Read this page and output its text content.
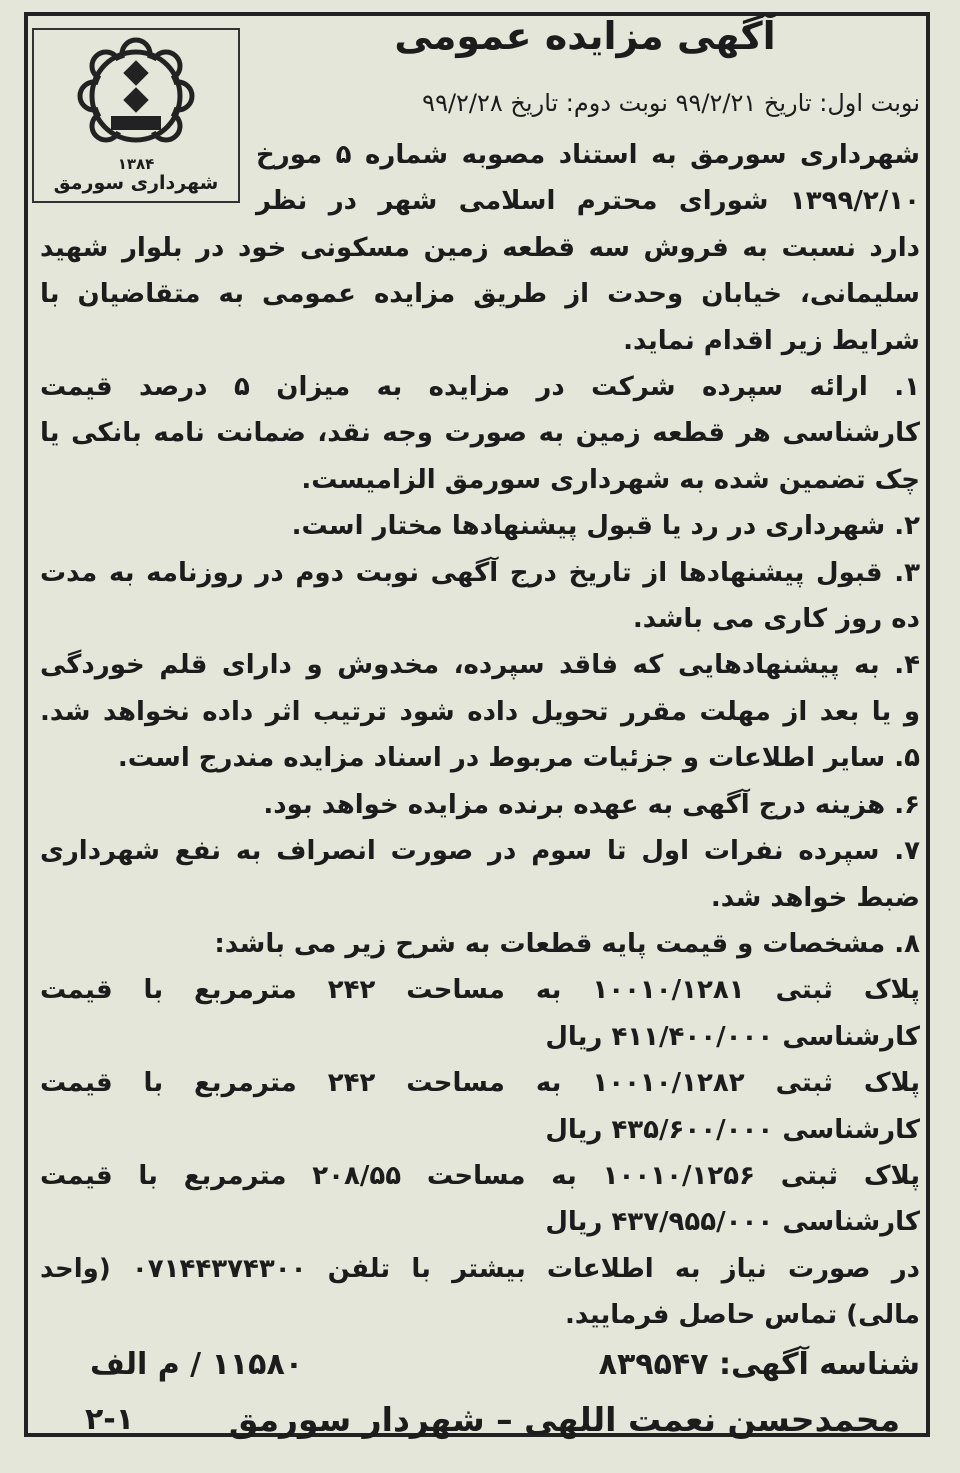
۱۳۸۴
شهرداری سورمق
آگهی مزایده عمومی
نوبت اول: تاریخ ۹۹/۲/۲۱ نوبت دوم: تاریخ ۹۹/۲/۲۸
شهرداری سورمق به استناد مصوبه شماره ۵ مورخ
۱۳۹۹/۲/۱۰ شورای محترم اسلامی شهر در نظر
دارد نسبت به فروش سه قطعه زمین مسکونی خود در بلوار شهید
سلیمانی، خیابان وحدت از طریق مزایده عمومی به متقاضیان با
شرایط زیر اقدام نماید.
۱. ارائه سپرده شرکت در مزایده به میزان ۵ درصد قیمت
کارشناسی هر قطعه زمین به صورت وجه نقد، ضمانت نامه بانکی یا
چک تضمین شده به شهرداری سورمق الزامیست.
۲. شهرداری در رد یا قبول پیشنهادها مختار است.
۳. قبول پیشنهادها از تاریخ درج آگهی نوبت دوم در روزنامه به مدت
ده روز کاری می باشد.
۴. به پیشنهادهایی که فاقد سپرده، مخدوش و دارای قلم خوردگی
و یا بعد از مهلت مقرر تحویل داده شود ترتیب اثر داده نخواهد شد.
۵. سایر اطلاعات و جزئیات مربوط در اسناد مزایده مندرج است.
۶. هزینه درج آگهی به عهده برنده مزایده خواهد بود.
۷. سپرده نفرات اول تا سوم در صورت انصراف به نفع شهرداری
ضبط خواهد شد.
۸. مشخصات و قیمت پایه قطعات به شرح زیر می باشد:
پلاک ثبتی ۱۰۰۱۰/۱۲۸۱ به مساحت ۲۴۲ مترمربع با قیمت
کارشناسی ۴۱۱/۴۰۰/۰۰۰ ریال
پلاک ثبتی ۱۰۰۱۰/۱۲۸۲ به مساحت ۲۴۲ مترمربع با قیمت
کارشناسی ۴۳۵/۶۰۰/۰۰۰ ریال
پلاک ثبتی ۱۰۰۱۰/۱۲۵۶ به مساحت ۲۰۸/۵۵ مترمربع با قیمت
کارشناسی ۴۳۷/۹۵۵/۰۰۰ ریال
در صورت نیاز به اطلاعات بیشتر با تلفن ۰۷۱۴۴۳۷۴۳۰۰ (واحد
مالی) تماس حاصل فرمایید.
شناسه آگهی: ۸۳۹۵۴۷
۱۱۵۸۰ / م الف
محمدحسن نعمت اللهی – شهردار سورمق
۲-۱
